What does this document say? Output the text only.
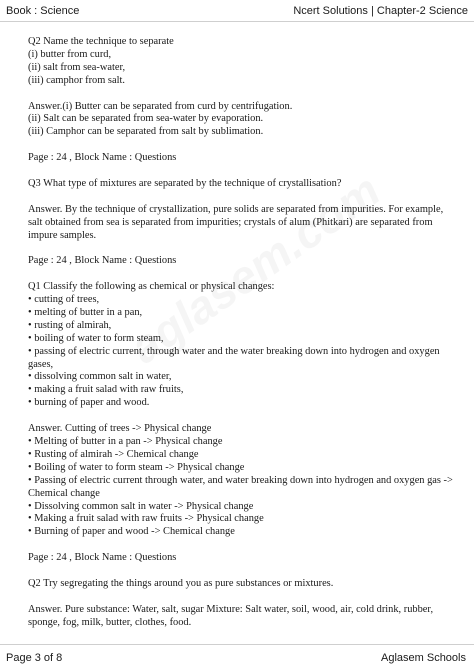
Book : Science	Ncert Solutions | Chapter-2 Science

Q2 Name the technique to separate
(i) butter from curd,
(ii) salt from sea-water,
(iii) camphor from salt.

Answer.(i) Butter can be separated from curd by centrifugation.
(ii) Salt can be separated from sea-water by evaporation.
(iii) Camphor can be separated from salt by sublimation.

Page : 24 , Block Name : Questions

Q3 What type of mixtures are separated by the technique of crystallisation?

Answer. By the technique of crystallization, pure solids are separated from impurities. For example,
salt obtained from sea is separated from impurities; crystals of alum (Phitkari) are separated from
impure samples.

Page : 24 , Block Name : Questions

Q1 Classify the following as chemical or physical changes:
• cutting of trees,
• melting of butter in a pan,
• rusting of almirah,
• boiling of water to form steam,
• passing of electric current, through water and the water breaking down into hydrogen and oxygen
gases,
• dissolving common salt in water,
• making a fruit salad with raw fruits,
• burning of paper and wood.

Answer. Cutting of trees -> Physical change
• Melting of butter in a pan -> Physical change
• Rusting of almirah -> Chemical change
• Boiling of water to form steam -> Physical change
• Passing of electric current through water, and water breaking down into hydrogen and oxygen gas ->
Chemical change
• Dissolving common salt in water -> Physical change
• Making a fruit salad with raw fruits -> Physical change
• Burning of paper and wood -> Chemical change

Page : 24 , Block Name : Questions

Q2 Try segregating the things around you as pure substances or mixtures.

Answer. Pure substance: Water, salt, sugar Mixture: Salt water, soil, wood, air, cold drink, rubber,
sponge, fog, milk, butter, clothes, food.

Page 3 of 8	Aglasem Schools
